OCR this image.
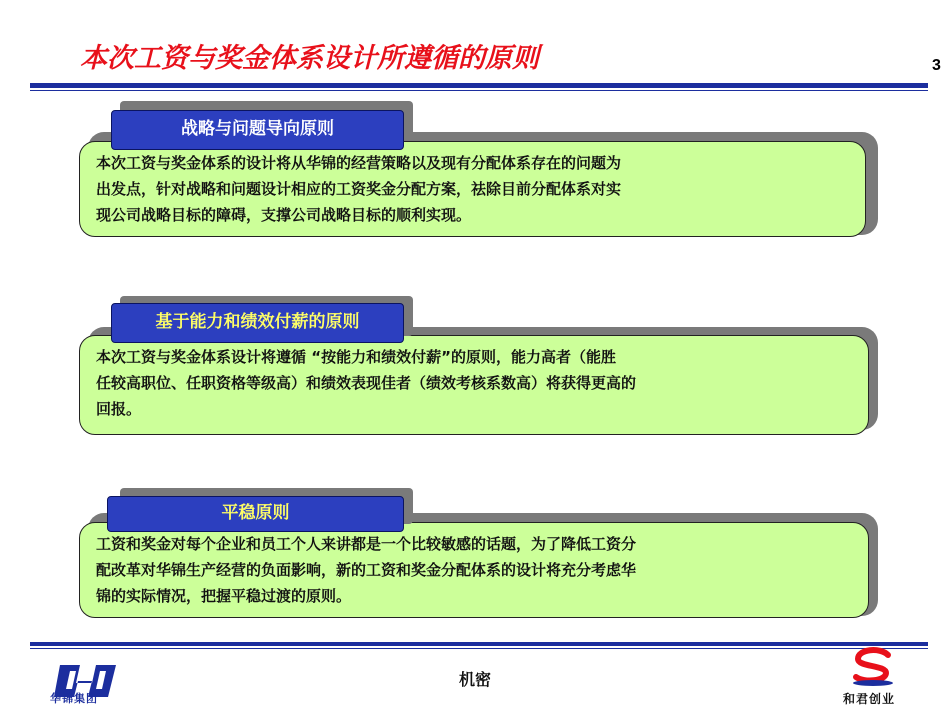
本次工资与奖金体系设计所遵循的原则	3
本次工资与奖金体系的设计将从华锦的经营策略以及现有分配体系存在的问题为
出发点，针对战略和问题设计相应的工资奖金分配方案，祛除目前分配体系对实
现公司战略目标的障碍，支撑公司战略目标的顺利实现。
战略与问题导向原则
本次工资与奖金体系设计将遵循 “按能力和绩效付薪”的原则，能力高者（能胜
任较高职位、任职资格等级高）和绩效表现佳者（绩效考核系数高）将获得更高的
回报。
基于能力和绩效付薪的原则
工资和奖金对每个企业和员工个人来讲都是一个比较敏感的话题，为了降低工资分
配改革对华锦生产经营的负面影响，新的工资和奖金分配体系的设计将充分考虑华
锦的实际情况，把握平稳过渡的原则。
平稳原则
华锦集团
机密
和君创业
